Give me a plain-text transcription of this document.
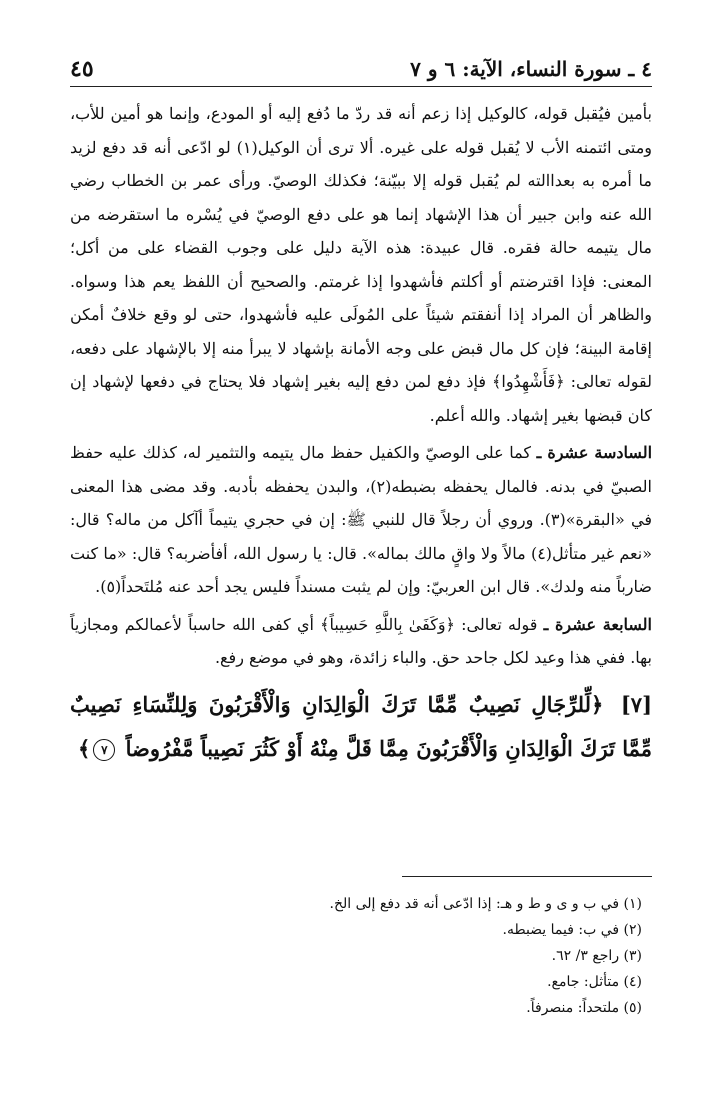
٤ ـ سورة النساء، الآية: ٦ و ٧
٤٥

بأمين فيُقبل قوله، كالوكيل إذا زعم أنه قد ردّ ما دُفع إليه أو المودع، وإنما هو أمين للأب، ومتى ائتمنه الأب لا يُقبل قوله على غيره. ألا ترى أن الوكيل(١) لو ادّعى أنه قد دفع لزيد ما أمره به بعداالته لم يُقبل قوله إلا ببيّنة؛ فكذلك الوصيّ. ورأى عمر بن الخطاب رضي الله عنه وابن جبير أن هذا الإشهاد إنما هو على دفع الوصيّ في يُسْره ما استقرضه من مال يتيمه حالة فقره. قال عبيدة: هذه الآية دليل على وجوب القضاء على من أكل؛ المعنى: فإذا اقترضتم أو أكلتم فأشهدوا إذا غرمتم. والصحيح أن اللفظ يعم هذا وسواه. والظاهر أن المراد إذا أنفقتم شيئاً على المُولَى عليه فأشهدوا، حتى لو وقع خلافٌ أمكن إقامة البينة؛ فإن كل مال قبض على وجه الأمانة بإشهاد لا يبرأ منه إلا بالإشهاد على دفعه، لقوله تعالى: ﴿فَأَشْهِدُوا﴾ فإذ دفع لمن دفع إليه بغير إشهاد فلا يحتاج في دفعها لإشهاد إن كان قبضها بغير إشهاد. والله أعلم.

السادسة عشرة ـ كما على الوصيّ والكفيل حفظ مال يتيمه والتثمير له، كذلك عليه حفظ الصبيّ في بدنه. فالمال يحفظه بضبطه(٢)، والبدن يحفظه بأدبه. وقد مضى هذا المعنى في «البقرة»(٣). وروي أن رجلاً قال للنبي ﷺ: إن في حجري يتيماً أآكل من ماله؟ قال: «نعم غير متأثل(٤) مالاً ولا واقٍ مالك بماله». قال: يا رسول الله، أفأضربه؟ قال: «ما كنت ضارباً منه ولدك». قال ابن العربيّ: وإن لم يثبت مسنداً فليس يجد أحد عنه مُلتَحداً(٥).

السابعة عشرة ـ قوله تعالى: ﴿وَكَفَىٰ بِاللَّهِ حَسِيباً﴾ أي كفى الله حاسباً لأعمالكم ومجازياً بها. ففي هذا وعيد لكل جاحد حق. والباء زائدة، وهو في موضع رفع.

[٧] ﴿لِّلرِّجَالِ نَصِيبٌ مِّمَّا تَرَكَ الْوَالِدَانِ وَالْأَقْرَبُونَ وَلِلنِّسَاءِ نَصِيبٌ مِّمَّا تَرَكَ الْوَالِدَانِ وَالْأَقْرَبُونَ مِمَّا قَلَّ مِنْهُ أَوْ كَثُرَ نَصِيباً مَّفْرُوضاً ٧﴾

(١) في ب و ى و ط و هـ: إذا ادّعى أنه قد دفع إلى الخ.
(٢) في ب: فيما يضبطه.
(٣) راجع ٣/ ٦٢.
(٤) متأثل: جامع.
(٥) ملتحداً: منصرفاً.
